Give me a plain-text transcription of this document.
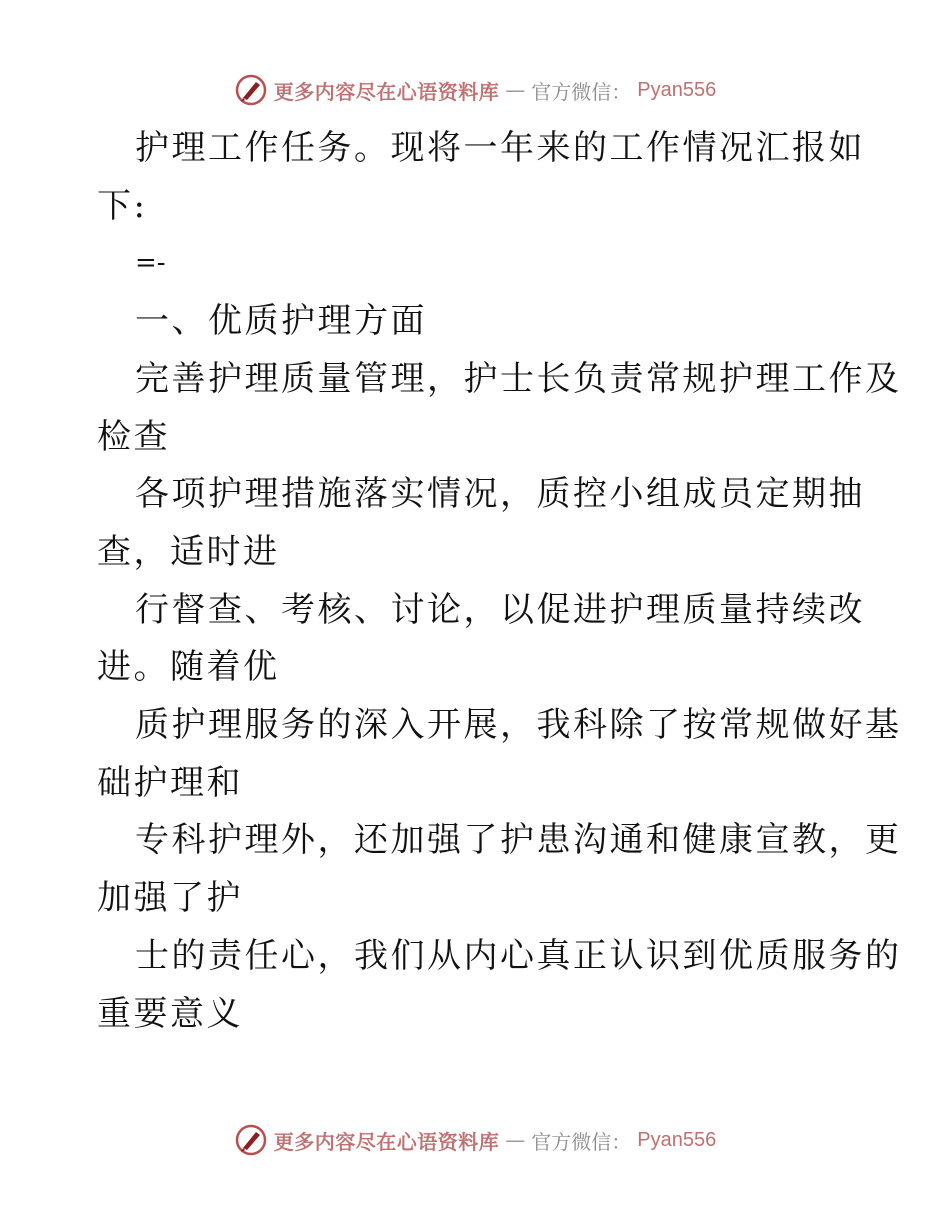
更多内容尽在心语资料库 — 官方微信： Pyan556
护理工作任务。现将一年来的工作情况汇报如
下:
=-
一、优质护理方面
完善护理质量管理，护士长负责常规护理工作及
检查
各项护理措施落实情况，质控小组成员定期抽
查，适时进
行督查、考核、讨论，以促进护理质量持续改
进。随着优
质护理服务的深入开展，我科除了按常规做好基
础护理和
专科护理外，还加强了护患沟通和健康宣教，更
加强了护
士的责任心，我们从内心真正认识到优质服务的
重要意义
更多内容尽在心语资料库 — 官方微信： Pyan556
